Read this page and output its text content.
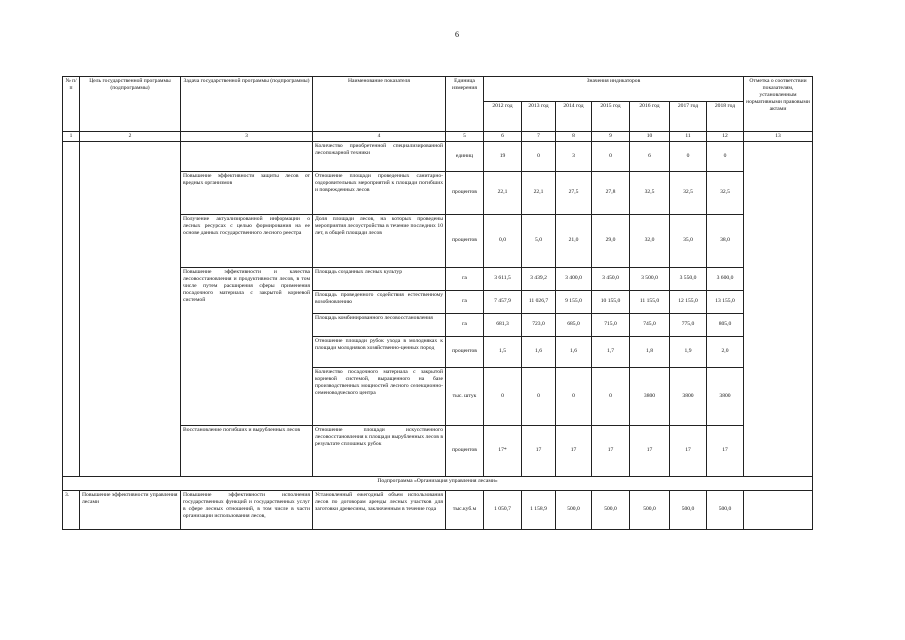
6
№ п/п	Цель государственной программы (подпрограммы)	Задача государственной программы (подпрограммы)	Наименование показателя	Единица измерения	Значения индикаторов							Отметка о соответствии показателям, установленным нормативными правовыми актами
					2012 год	2013 год	2014 год	2015 год	2016 год	2017 год	2018 год	
1	2	3	4	5	6	7	8	9	10	11	12	13
			Количество приобретенной специализированной лесопожарной техники	единиц	19	0	3	0	6	0	0	
		Повышение эффективности защиты лесов от вредных организмов	Отношение площади проведенных санитарно-оздоровительных мероприятий к площади погибших и поврежденных лесов	процентов	22,1	22,1	27,5	27,8	32,5	32,5	32,5	
		Получение актуализированной информации о лесных ресурсах с целью формирования на ее основе данных государственного лесного реестра	Доля площади лесов, на которых проведены мероприятия лесоустройства в течение последних 10 лет, в общей площади лесов	процентов	0,0	5,0	21,0	29,0	32,0	35,0	38,0	
		Повышение эффективности и качества лесовосстановления и продуктивности лесов, в том числе путем расширения сферы применения посадочного материала с закрытой корневой системой	Площадь созданных лесных культур	га	3 611,5	3 439,2	3 400,0	3 450,0	3 500,0	3 550,0	3 600,0	
			Площадь проведенного содействия естественному возобновлению	га	7 457,9	11 026,7	9 155,0	10 155,0	11 155,0	12 155,0	13 155,0	
			Площадь комбинированного лесовосстановления	га	681,3	723,0	685,0	715,0	745,0	775,0	805,0	
			Отношение площади рубок ухода в молодняках к площади молодняков хозяйственно-ценных пород	процентов	1,5	1,6	1,6	1,7	1,8	1,9	2,0	
			Количество посадочного материала с закрытой корневой системой, выращенного на базе производственных мощностей лесного селекционно-семеноводческого центра	тыс. штук	0	0	0	0	3800	3800	3800	
		Восстановление погибших и вырубленных лесов	Отношение площади искусственного лесовосстановления к площади вырубленных лесов в результате сплошных рубок	процентов	17*	17	17	17	17	17	17	
Подпрограмма «Организация управления лесами»												
3.	Повышение эффективности управления лесами	Повышение эффективности исполнения государственных функций и государственных услуг в сфере лесных отношений, в том числе в части организации использования лесов,	Установленный ежегодный объем использования лесов по договорам аренды лесных участков для заготовки древесины, заключенным в течение года	тыс.куб.м	1 050,7	1 158,9	500,0	500,0	500,0	500,0	500,0	
